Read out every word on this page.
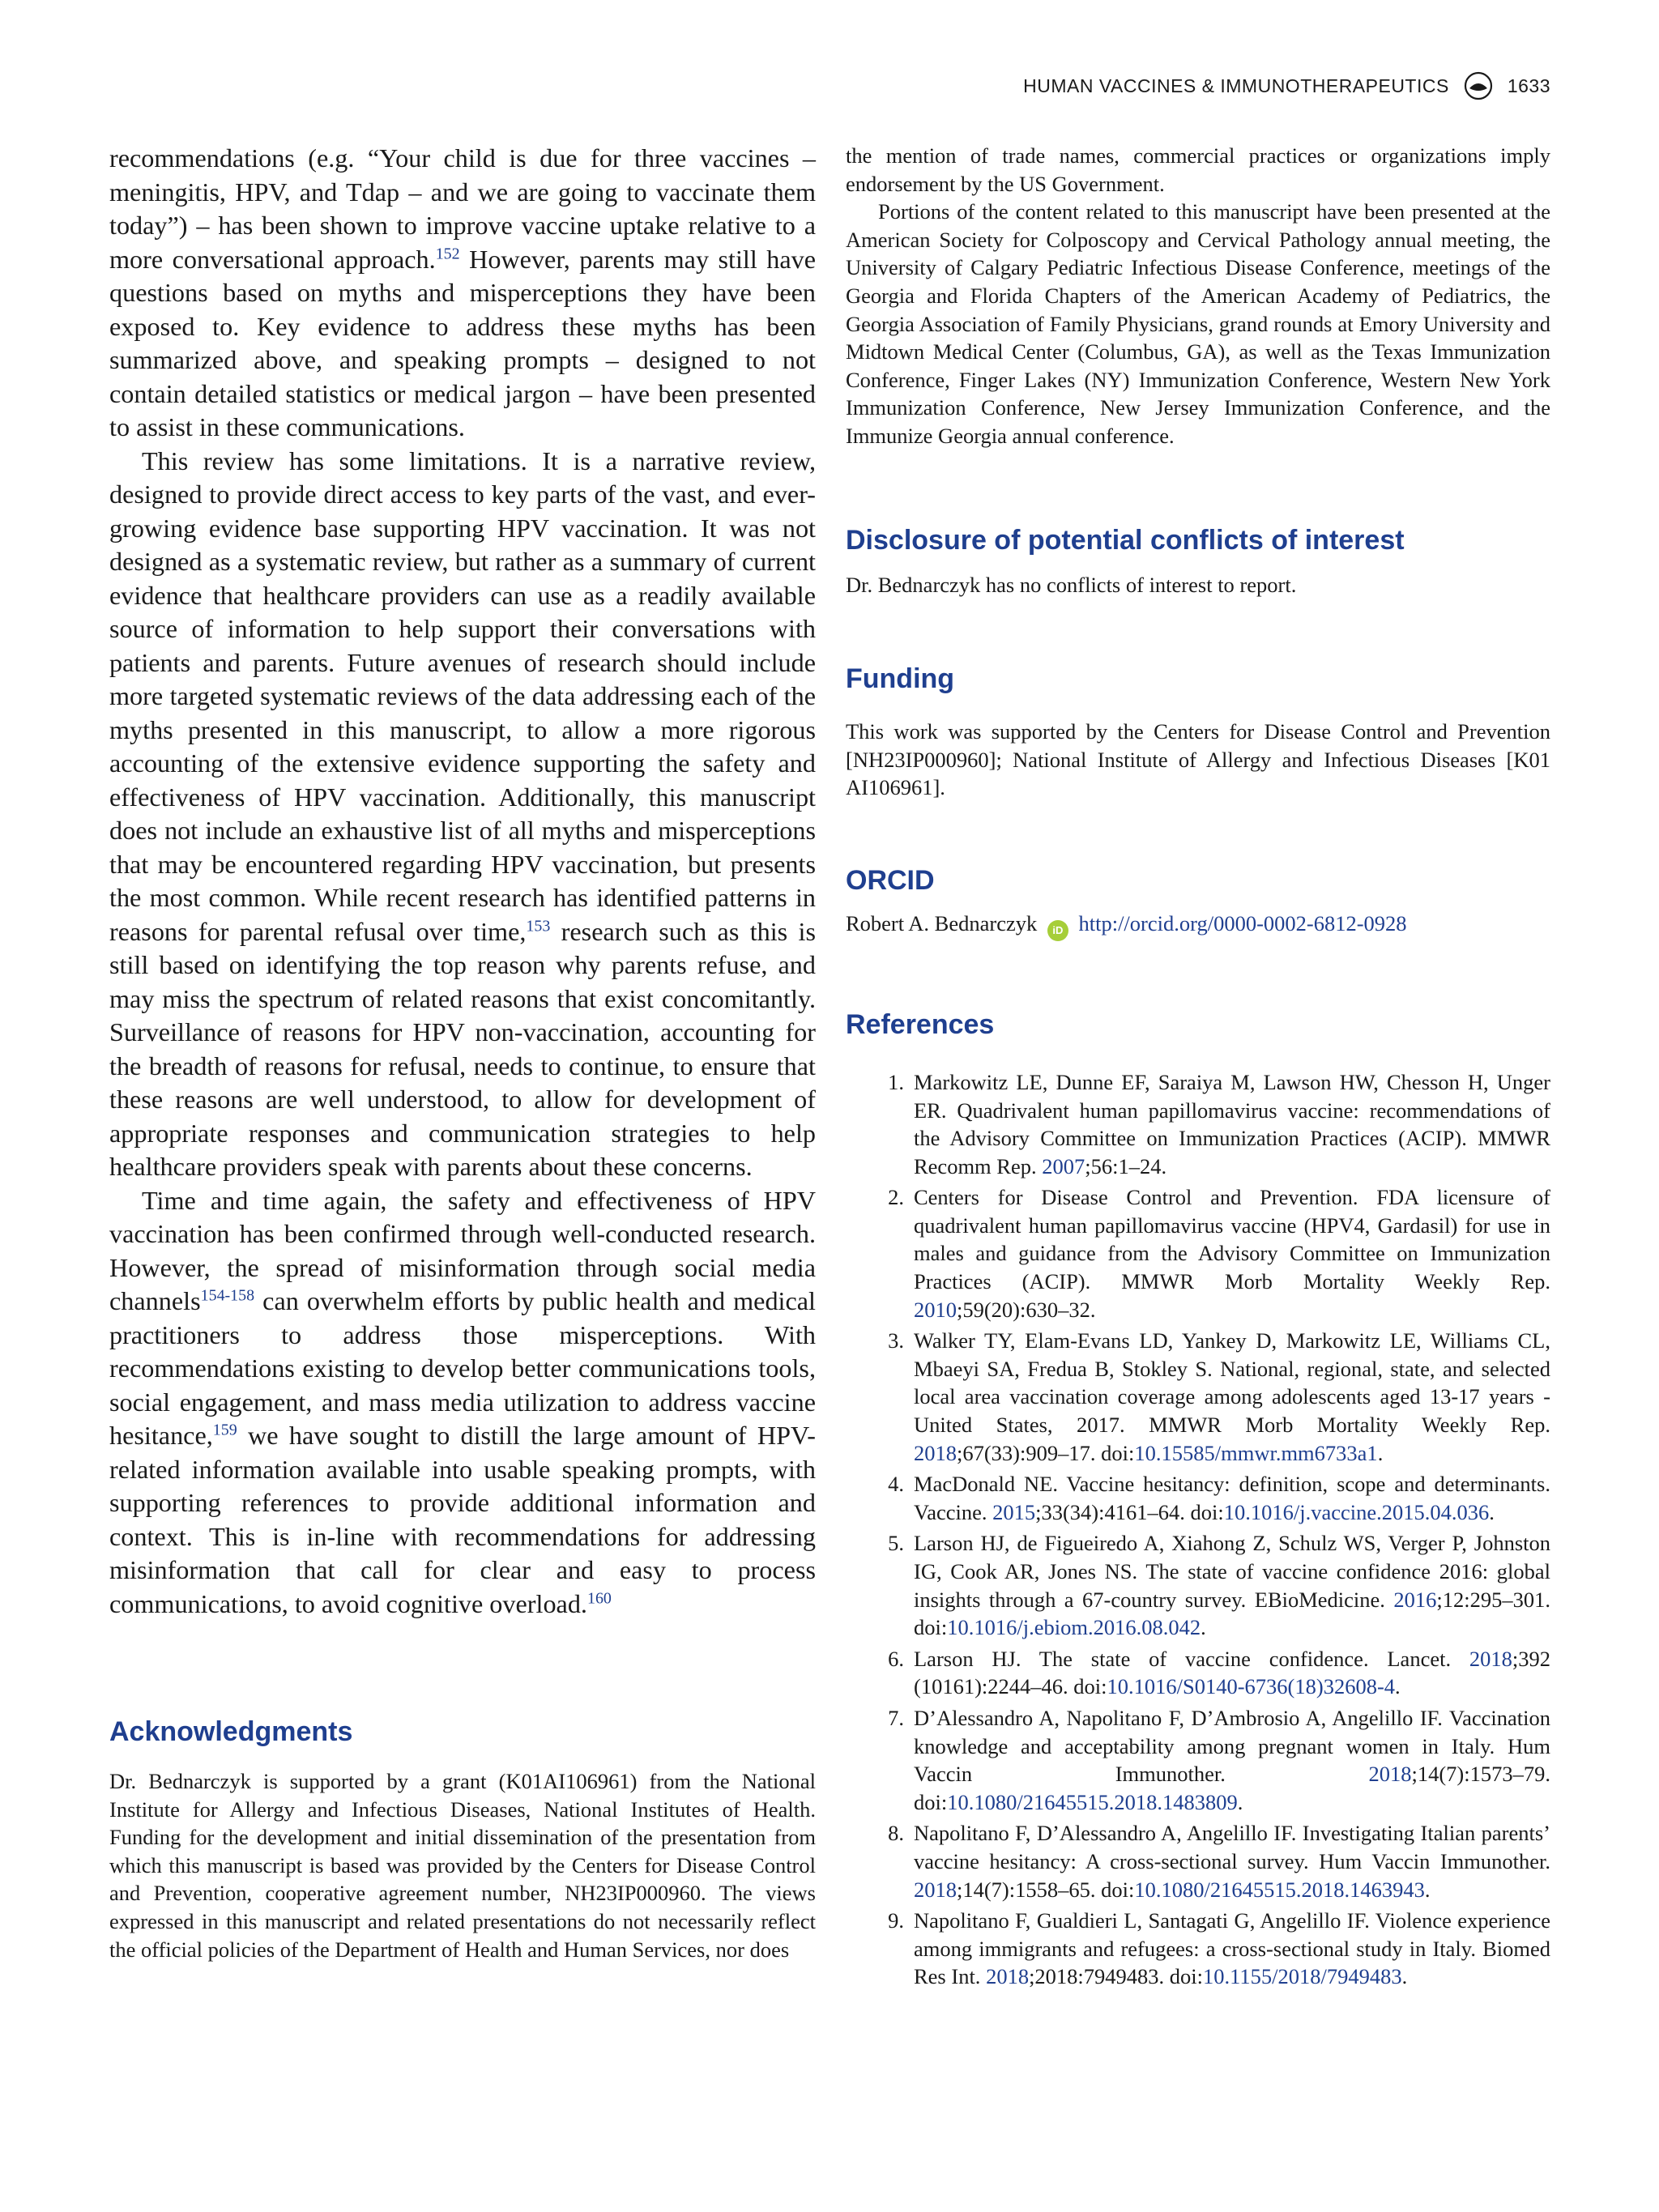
HUMAN VACCINES & IMMUNOTHERAPEUTICS	1633

recommendations (e.g. “Your child is due for three vaccines – meningitis, HPV, and Tdap – and we are going to vaccinate them today”) – has been shown to improve vaccine uptake relative to a more conversational approach.$^{152}$ However, parents may still have questions based on myths and misperceptions they have been exposed to. Key evidence to address these myths has been summarized above, and speaking prompts – designed to not contain detailed statistics or medical jargon – have been presented to assist in these communications.

This review has some limitations. It is a narrative review, designed to provide direct access to key parts of the vast, and ever-growing evidence base supporting HPV vaccination. It was not designed as a systematic review, but rather as a summary of current evidence that healthcare providers can use as a readily available source of information to help support their conversations with patients and parents. Future avenues of research should include more targeted systematic reviews of the data addressing each of the myths presented in this manuscript, to allow a more rigorous accounting of the extensive evidence supporting the safety and effectiveness of HPV vaccination. Additionally, this manuscript does not include an exhaustive list of all myths and misperceptions that may be encountered regarding HPV vaccination, but presents the most common. While recent research has identified patterns in reasons for parental refusal over time,$^{153}$ research such as this is still based on identifying the top reason why parents refuse, and may miss the spectrum of related reasons that exist concomitantly. Surveillance of reasons for HPV non-vaccination, accounting for the breadth of reasons for refusal, needs to continue, to ensure that these reasons are well understood, to allow for development of appropriate responses and communication strategies to help healthcare providers speak with parents about these concerns.

Time and time again, the safety and effectiveness of HPV vaccination has been confirmed through well-conducted research. However, the spread of misinformation through social media channels$^{154-158}$ can overwhelm efforts by public health and medical practitioners to address those misperceptions. With recommendations existing to develop better communications tools, social engagement, and mass media utilization to address vaccine hesitance,$^{159}$ we have sought to distill the large amount of HPV-related information available into usable speaking prompts, with supporting references to provide additional information and context. This is in-line with recommendations for addressing misinformation that call for clear and easy to process communications, to avoid cognitive overload.$^{160}$

Acknowledgments

Dr. Bednarczyk is supported by a grant (K01AI106961) from the National Institute for Allergy and Infectious Diseases, National Institutes of Health. Funding for the development and initial dissemination of the presentation from which this manuscript is based was provided by the Centers for Disease Control and Prevention, cooperative agreement number, NH23IP000960. The views expressed in this manuscript and related presentations do not necessarily reflect the official policies of the Department of Health and Human Services, nor does

the mention of trade names, commercial practices or organizations imply endorsement by the US Government.

Portions of the content related to this manuscript have been presented at the American Society for Colposcopy and Cervical Pathology annual meeting, the University of Calgary Pediatric Infectious Disease Conference, meetings of the Georgia and Florida Chapters of the American Academy of Pediatrics, the Georgia Association of Family Physicians, grand rounds at Emory University and Midtown Medical Center (Columbus, GA), as well as the Texas Immunization Conference, Finger Lakes (NY) Immunization Conference, Western New York Immunization Conference, New Jersey Immunization Conference, and the Immunize Georgia annual conference.

Disclosure of potential conflicts of interest

Dr. Bednarczyk has no conflicts of interest to report.

Funding

This work was supported by the Centers for Disease Control and Prevention [NH23IP000960]; National Institute of Allergy and Infectious Diseases [K01 AI106961].

ORCID

Robert A. Bednarczyk iD http://orcid.org/0000-0002-6812-0928

References
1. Markowitz LE, Dunne EF, Saraiya M, Lawson HW, Chesson H, Unger ER. Quadrivalent human papillomavirus vaccine: recommendations of the Advisory Committee on Immunization Practices (ACIP). MMWR Recomm Rep. 2007;56:1–24.
2. Centers for Disease Control and Prevention. FDA licensure of quadrivalent human papillomavirus vaccine (HPV4, Gardasil) for use in males and guidance from the Advisory Committee on Immunization Practices (ACIP). MMWR Morb Mortality Weekly Rep. 2010;59(20):630–32.
3. Walker TY, Elam-Evans LD, Yankey D, Markowitz LE, Williams CL, Mbaeyi SA, Fredua B, Stokley S. National, regional, state, and selected local area vaccination coverage among adolescents aged 13-17 years - United States, 2017. MMWR Morb Mortality Weekly Rep. 2018;67(33):909–17. doi:10.15585/mmwr.mm6733a1.
4. MacDonald NE. Vaccine hesitancy: definition, scope and determinants. Vaccine. 2015;33(34):4161–64. doi:10.1016/j.vaccine.2015.04.036.
5. Larson HJ, de Figueiredo A, Xiahong Z, Schulz WS, Verger P, Johnston IG, Cook AR, Jones NS. The state of vaccine confidence 2016: global insights through a 67-country survey. EBioMedicine. 2016;12:295–301. doi:10.1016/j.ebiom.2016.08.042.
6. Larson HJ. The state of vaccine confidence. Lancet. 2018;392 (10161):2244–46. doi:10.1016/S0140-6736(18)32608-4.
7. D’Alessandro A, Napolitano F, D’Ambrosio A, Angelillo IF. Vaccination knowledge and acceptability among pregnant women in Italy. Hum Vaccin Immunother. 2018;14(7):1573–79. doi:10.1080/21645515.2018.1483809.
8. Napolitano F, D’Alessandro A, Angelillo IF. Investigating Italian parents’ vaccine hesitancy: A cross-sectional survey. Hum Vaccin Immunother. 2018;14(7):1558–65. doi:10.1080/21645515.2018.1463943.
9. Napolitano F, Gualdieri L, Santagati G, Angelillo IF. Violence experience among immigrants and refugees: a cross-sectional study in Italy. Biomed Res Int. 2018;2018:7949483. doi:10.1155/2018/7949483.
